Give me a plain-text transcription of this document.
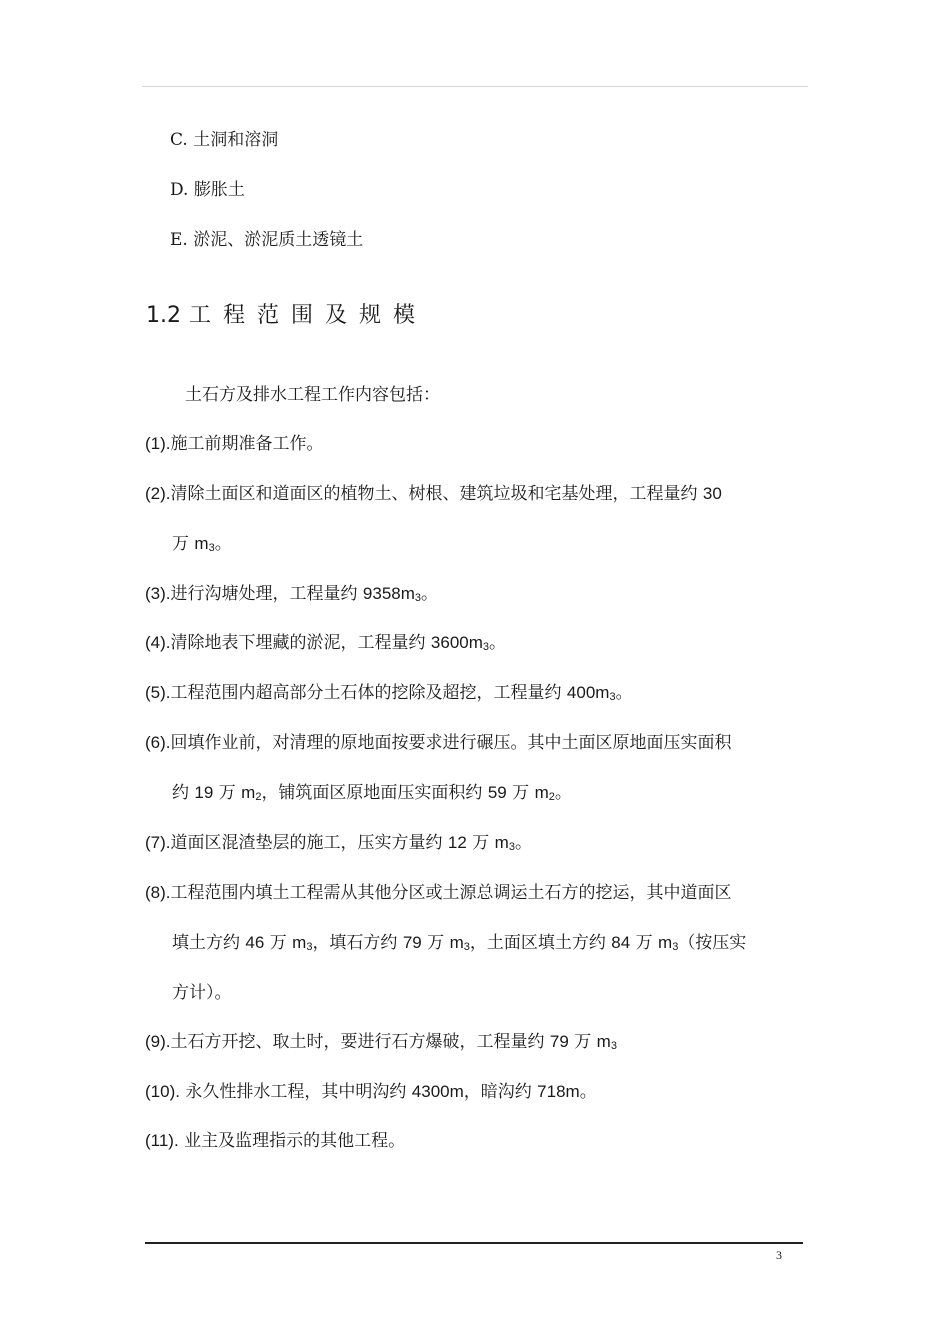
C. 土洞和溶洞
D. 膨胀土
E. 淤泥、淤泥质土透镜土
1.2 工程范围及规模
土石方及排水工程工作内容包括：
(1).施工前期准备工作。
(2).清除土面区和道面区的植物土、树根、建筑垃圾和宅基处理，工程量约 30
万 $m_3$。
(3).进行沟塘处理，工程量约 $9358m_3$。
(4).清除地表下埋藏的淤泥，工程量约 $3600m_3$。
(5).工程范围内超高部分土石体的挖除及超挖，工程量约 $400m_3$。
(6).回填作业前，对清理的原地面按要求进行碾压。其中土面区原地面压实面积
约 19 万 $m_2$，铺筑面区原地面压实面积约 59 万 $m_2$。
(7).道面区混渣垫层的施工，压实方量约 12 万 $m_3$。
(8).工程范围内填土工程需从其他分区或土源总调运土石方的挖运，其中道面区
填土方约 46 万 $m_3$，填石方约 79 万 $m_3$，土面区填土方约 84 万 $m_3$（按压实
方计）。
(9).土石方开挖、取土时，要进行石方爆破，工程量约 79 万 $m_3$
(10). 永久性排水工程，其中明沟约 4300m，暗沟约 718m。
(11). 业主及监理指示的其他工程。
3
